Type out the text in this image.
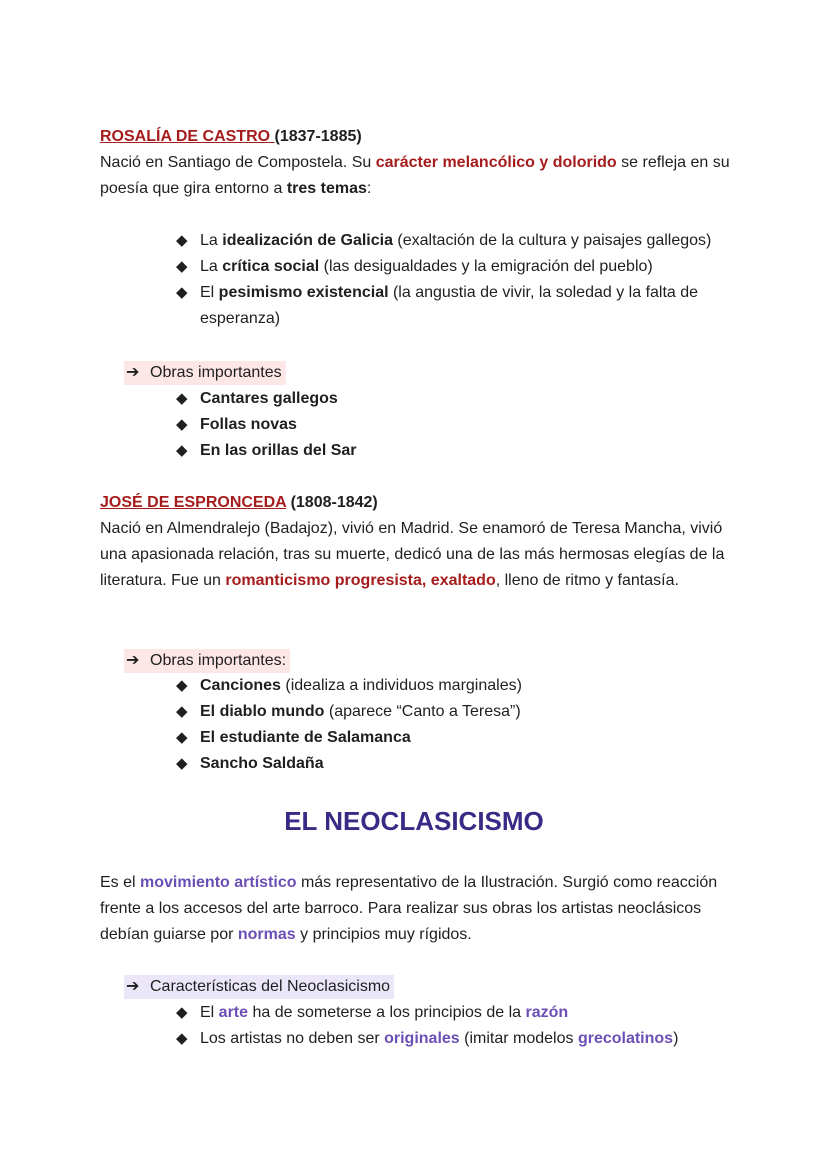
ROSALÍA DE CASTRO (1837-1885)

Nació en Santiago de Compostela. Su carácter melancólico y dolorido se refleja en su poesía que gira entorno a tres temas:

◆ La idealización de Galicia (exaltación de la cultura y paisajes gallegos)
◆ La crítica social (las desigualdades y la emigración del pueblo)
◆ El pesimismo existencial (la angustia de vivir, la soledad y la falta de esperanza)
➔ Obras importantes
◆ Cantares gallegos
◆ Follas novas
◆ En las orillas del Sar

JOSÉ DE ESPRONCEDA (1808-1842)

Nació en Almendralejo (Badajoz), vivió en Madrid. Se enamoró de Teresa Mancha, vivió una apasionada relación, tras su muerte, dedicó una de las más hermosas elegías de la literatura. Fue un romanticismo progresista, exaltado, lleno de ritmo y fantasía.

➔ Obras importantes:
◆ Canciones (idealiza a individuos marginales)
◆ El diablo mundo (aparece “Canto a Teresa”)
◆ El estudiante de Salamanca
◆ Sancho Saldaña
EL NEOCLASICISMO

Es el movimiento artístico más representativo de la Ilustración. Surgió como reacción frente a los accesos del arte barroco. Para realizar sus obras los artistas neoclásicos debían guiarse por normas y principios muy rígidos.

➔ Características del Neoclasicismo
◆ El arte ha de someterse a los principios de la razón
◆ Los artistas no deben ser originales (imitar modelos grecolatinos)
